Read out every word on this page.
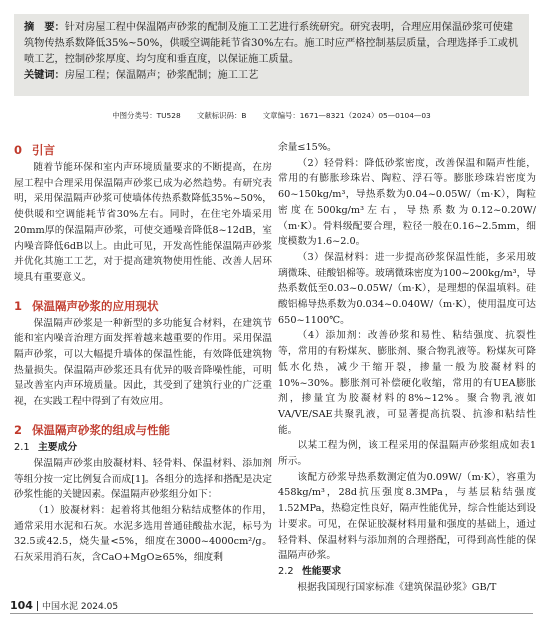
摘　要：针对房屋工程中保温隔声砂浆的配制及施工工艺进行系统研究。研究表明，合理应用保温砂浆可使建筑物传热系数降低35%~50%，供暖空调能耗节省30%左右。施工时应严格控制基层质量，合理选择手工或机喷工艺，控制砂浆厚度、均匀度和垂直度，以保证施工质量。

关键词：房屋工程；保温隔声；砂浆配制；施工工艺

中图分类号：TU528 文献标识码：B 文章编号：1671—8321（2024）05—0104—03
0 引言

随着节能环保和室内声环境质量要求的不断提高，在房屋工程中合理采用保温隔声砂浆已成为必然趋势。有研究表明，采用保温隔声砂浆可使墙体传热系数降低35%~50%，使供暖和空调能耗节省30%左右。同时，在住宅外墙采用20mm厚的保温隔声砂浆，可使交通噪音降低8~12dB，室内噪音降低6dB以上。由此可见，开发高性能保温隔声砂浆并优化其施工工艺，对于提高建筑物使用性能、改善人居环境具有重要意义。

1 保温隔声砂浆的应用现状

保温隔声砂浆是一种新型的多功能复合材料，在建筑节能和室内噪音治理方面发挥着越来越重要的作用。采用保温隔声砂浆，可以大幅提升墙体的保温性能，有效降低建筑物热量损失。保温隔声砂浆还具有优异的吸音降噪性能，可明显改善室内声环境质量。因此，其受到了建筑行业的广泛重视，在实践工程中得到了有效应用。

2 保温隔声砂浆的组成与性能
2.1 主要成分

保温隔声砂浆由胶凝材料、轻骨料、保温材料、添加剂等组分按一定比例复合而成[1]。各组分的选择和搭配是决定砂浆性能的关键因素。保温隔声砂浆组分如下：

（1）胶凝材料：起着将其他组分粘结成整体的作用，通常采用水泥和石灰。水泥多选用普通硅酸盐水泥，标号为32.5或42.5，烧失量<5%，细度在3000~4000cm²/g。石灰采用消石灰，含CaO+MgO≥65%，细度剩

余量≤15%。

（2）轻骨料：降低砂浆密度，改善保温和隔声性能，常用的有膨胀珍珠岩、陶粒、浮石等。膨胀珍珠岩密度为60~150kg/m³，导热系数为0.04~0.05W/（m·K），陶粒密度在500kg/m³左右，导热系数为0.12~0.20W/（m·K）。骨料级配要合理，粒径一般在0.16~2.5mm，细度模数为1.6~2.0。

（3）保温材料：进一步提高砂浆保温性能，多采用玻璃微珠、硅酸铝棉等。玻璃微珠密度为100~200kg/m³，导热系数低至0.03~0.05W/（m·K），是理想的保温填料。硅酸铝棉导热系数为0.034~0.040W/（m·K），使用温度可达650~1100℃。

（4）添加剂：改善砂浆和易性、粘结强度、抗裂性等，常用的有粉煤灰、膨胀剂、聚合物乳液等。粉煤灰可降低水化热，减少干缩开裂，掺量一般为胶凝材料的10%~30%。膨胀剂可补偿硬化收缩，常用的有UEA膨胀剂，掺量宜为胶凝材料的8%~12%。聚合物乳液如VA/VE/SAE共聚乳液，可显著提高抗裂、抗渗和粘结性能。

以某工程为例，该工程采用的保温隔声砂浆组成如表1所示。

该配方砂浆导热系数测定值为0.09W/（m·K），容重为458kg/m³，28d抗压强度8.3MPa，与基层粘结强度1.52MPa，热稳定性良好，隔声性能优异，综合性能达到设计要求。可见，在保证胶凝材料用量和强度的基础上，通过轻骨料、保温材料与添加剂的合理搭配，可得到高性能的保温隔声砂浆。

2.2 性能要求

根据我国现行国家标准《建筑保温砂浆》GB/T

104 中国水泥 2024.05
